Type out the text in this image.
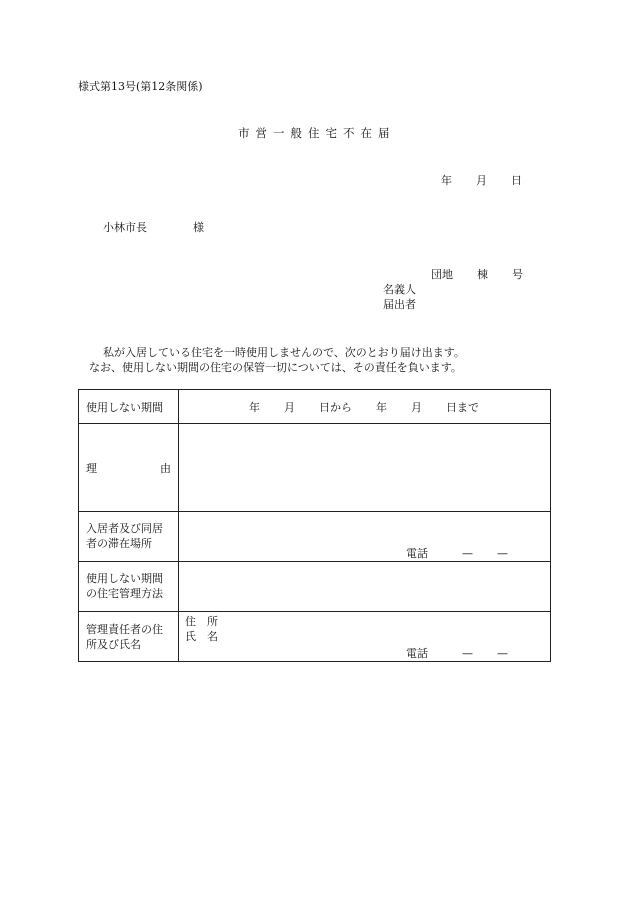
様式第13号(第12条関係)
市営一般住宅不在届
年 月 日
小林市長	様
団地 棟 号
名義人
届出者
私が入居している住宅を一時使用しませんので、次のとおり届け出ます。
なお、使用しない期間の住宅の保管一切については、その責任を負います。
使用しない期間	年 月 日から 年 月 日まで

理 由	

入居者及び同居
者の滞在場所	電話 — —

使用しない期間
の住宅管理方法	

管理責任者の住
所及び氏名	住　所
氏　名
電話 — —
